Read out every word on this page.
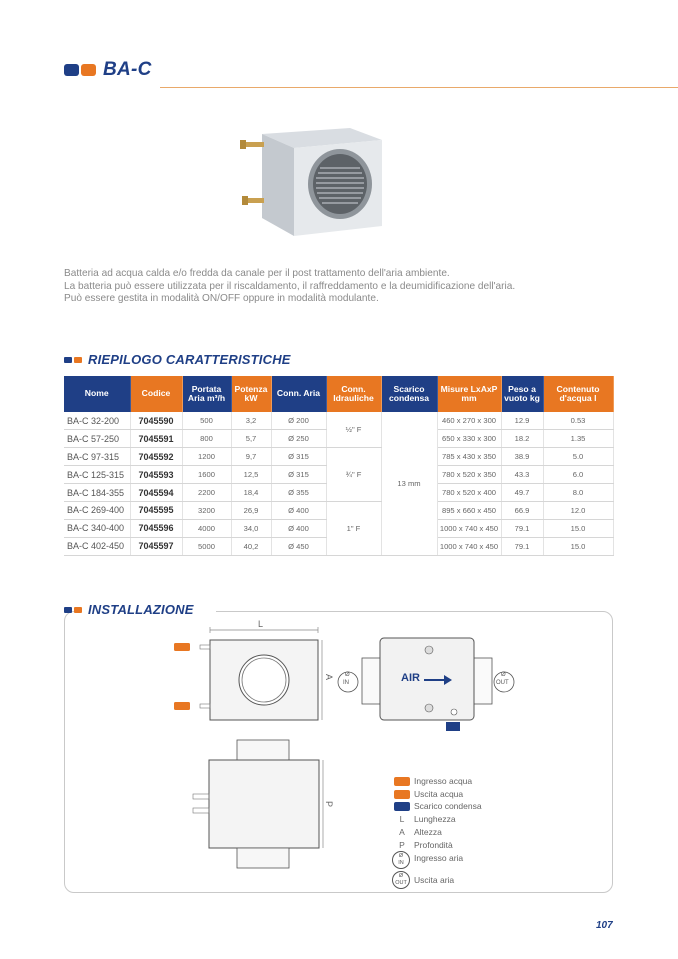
BA-C
Batteria ad acqua calda e/o fredda da canale per il post trattamento dell'aria ambiente.
La batteria può essere utilizzata per il riscaldamento, il raffreddamento e la deumidificazione dell'aria.
Può essere gestita in modalità ON/OFF oppure in modalità modulante.
RIEPILOGO CARATTERISTICHE
Nome	Codice	Portata Aria m³/h	Potenza kW	Conn. Aria	Conn. Idrauliche	Scarico condensa	Misure LxAxP mm	Peso a vuoto kg	Contenuto d'acqua l
BA-C 32-200	7045590	500	3,2	Ø 200	½" F	13 mm	460 x 270 x 300	12.9	0.53
BA-C 57-250	7045591	800	5,7	Ø 250			650 x 330 x 300	18.2	1.35
BA-C 97-315	7045592	1200	9,7	Ø 315	¾" F		785 x 430 x 350	38.9	5.0
BA-C 125-315	7045593	1600	12,5	Ø 315			780 x 520 x 350	43.3	6.0
BA-C 184-355	7045594	2200	18,4	Ø 355			780 x 520 x 400	49.7	8.0
BA-C 269-400	7045595	3200	26,9	Ø 400	1" F		895 x 660 x 450	66.9	12.0
BA-C 340-400	7045596	4000	34,0	Ø 400			1000 x 740 x 450	79.1	15.0
BA-C 402-450	7045597	5000	40,2	Ø 450			1000 x 740 x 450	79.1	15.0
INSTALLAZIONE
L
A Ø
IN
Ø
OUT
AIR
P
Ingresso acqua
Uscita acqua
Scarico condensa
L	Lunghezza
A	Altezza
P	Profondità
Ø
IN	Ingresso aria
Ø
OUT Uscita aria
107
